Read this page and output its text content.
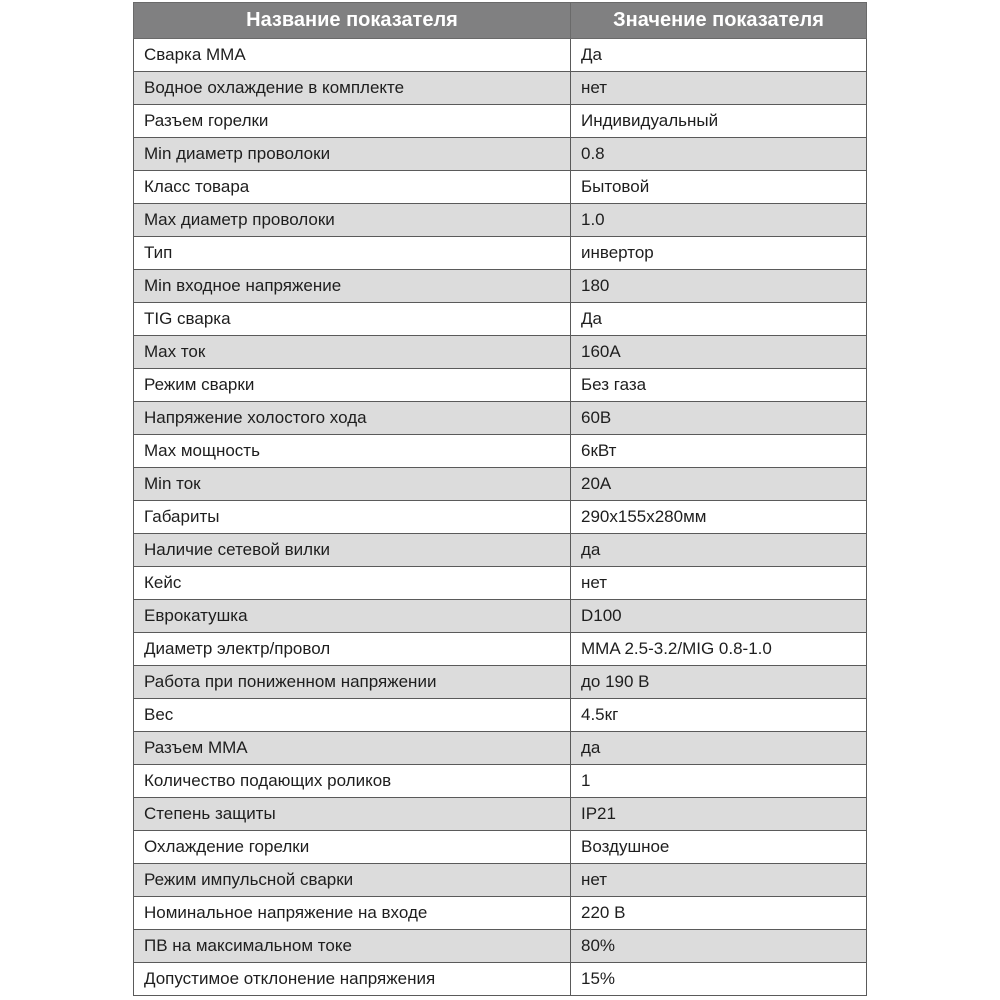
Название показателя	Значение показателя
Сварка ММА	Да
Водное охлаждение в комплекте	нет
Разъем горелки	Индивидуальный
Min диаметр проволоки	0.8
Класс товара	Бытовой
Max диаметр проволоки	1.0
Тип	инвертор
Min входное напряжение	180
TIG сварка	Да
Max ток	160А
Режим сварки	Без газа
Напряжение холостого хода	60В
Max мощность	6кВт
Min ток	20А
Габариты	290x155x280мм
Наличие сетевой вилки	да
Кейс	нет
Еврокатушка	D100
Диаметр электр/провол	MMA 2.5-3.2/MIG 0.8-1.0
Работа при пониженном напряжении	до 190 В
Вес	4.5кг
Разъем ММА	да
Количество подающих роликов	1
Степень защиты	IP21
Охлаждение горелки	Воздушное
Режим импульсной сварки	нет
Номинальное напряжение на входе	220 В
ПВ на максимальном токе	80%
Допустимое отклонение напряжения	15%
